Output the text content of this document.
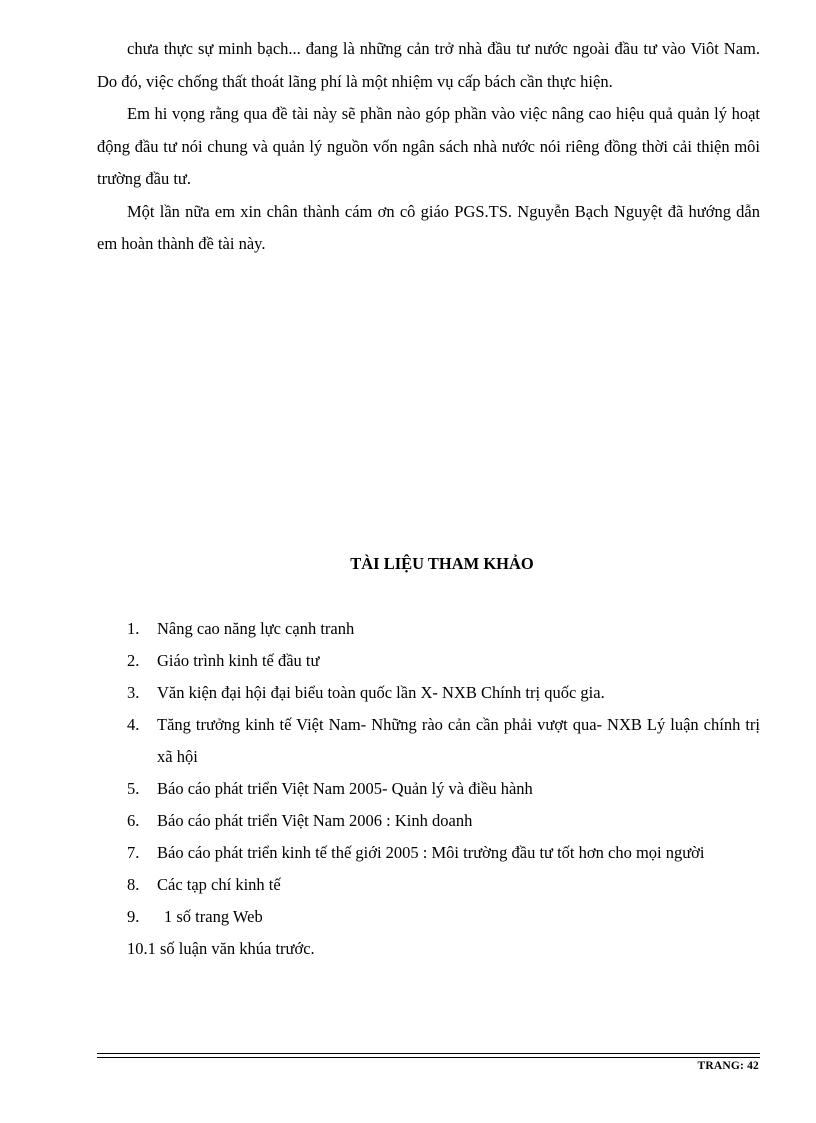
chưa thực sự minh bạch... đang là những cản trở nhà đầu tư nước ngoài đầu tư vào Viôt Nam. Do đó, việc chống thất thoát lãng phí là một nhiệm vụ cấp bách cần thực hiện.

Em hi vọng rằng qua đề tài này sẽ phần nào góp phần vào việc nâng cao hiệu quả quản lý hoạt động đầu tư nói chung và quản lý nguồn vốn ngân sách nhà nước nói riêng đồng thời cải thiện môi trường đầu tư.

Một lần nữa em xin chân thành cám ơn cô giáo PGS.TS. Nguyễn Bạch Nguyệt đã hướng dẫn em hoàn thành đề tài này.

TÀI LIỆU THAM KHẢO
1.	Nâng cao năng lực cạnh tranh
2.	Giáo trình kinh tế đầu tư
3.	Văn kiện đại hội đại biểu toàn quốc lần X- NXB Chính trị quốc gia.
4.	Tăng trưởng kinh tế Việt Nam- Những rào cản cần phải vượt qua- NXB Lý luận chính trị xã hội
5.	Báo cáo phát triển Việt Nam 2005- Quản lý và điều hành
6.	Báo cáo phát triển Việt Nam 2006 : Kinh doanh
7.	Báo cáo phát triển kinh tế thế giới 2005 : Môi trường đầu tư tốt hơn cho mọi người
8.	Các tạp chí kinh tế
9.	1 số trang Web
10. 1 số luận văn khúa trước.
TRANG: 42
